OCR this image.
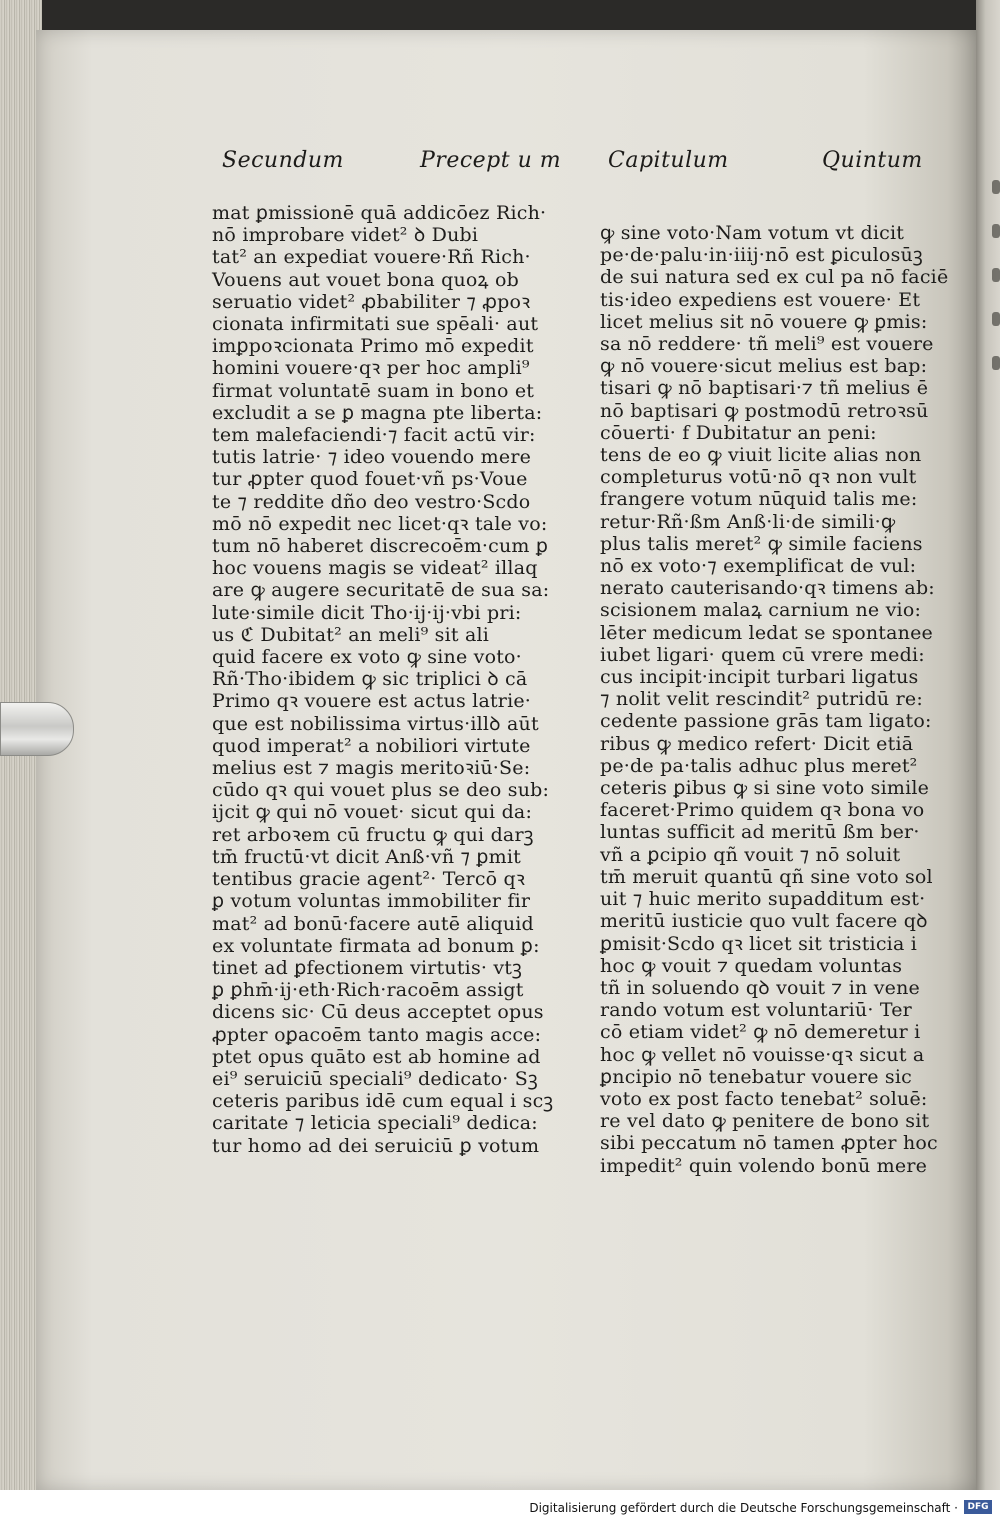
Secundum	Precept u m Capitulum	Quintum
mat ꝑmissionē quā addicōez Rich·
nō improbare videt² ꝺ Dubi
tat² an expediat vouere·Rñ Rich·
Vouens aut vouet bona quoꝝ ob
seruatio videt² ꝓbabiliter ⁊ ꝓpoꝛ
cionata infirmitati sue spēali· aut
imꝑpoꝛcionata Primo mō expedit
homini vouere·qꝛ per hoc ampli⁹
firmat voluntatē suam in bono et
excludit a se ꝑ magna pte liberta:
tem malefaciendi·⁊ facit actū vir:
tutis latrie· ⁊ ideo vouendo mere
tur ꝓpter quod fouet·vñ ps·Voue
te ⁊ reddite dño deo vestro·Scdo
mō nō expedit nec licet·qꝛ tale vo:
tum nō haberet discrecoēm·cum ꝑ
hoc vouens magis se videat² illaq
are ꝙ augere securitatē de sua sa:
lute·simile dicit Tho·ij·ij·vbi pri:
us ℭ Dubitat² an meli⁹ sit ali
quid facere ex voto ꝙ sine voto·
Rñ·Tho·ibidem ꝙ sic triplici ꝺ cā
Primo qꝛ vouere est actus latrie·
que est nobilissima virtus·illꝺ aūt
quod imperat² a nobiliori virtute
melius est ⁊ magis meritoꝛiū·Se:
cūdo qꝛ qui vouet plus se deo sub:
ijcit ꝙ qui nō vouet· sicut qui da:
ret arboꝛem cū fructu ꝙ qui darꝫ
tm̄ fructū·vt dicit Anß·vñ ⁊ ꝑmit
tentibus gracie agent²· Tercō qꝛ
ꝑ votum voluntas immobiliter fir
mat² ad bonū·facere autē aliquid
ex voluntate firmata ad bonum ꝑ:
tinet ad ꝑfectionem virtutis· vtꝫ
ꝑ ꝑhm̄·ij·eth·Rich·racoēm assigt
dicens sic· Cū deus acceptet opus
ꝓpter oꝑacoēm tanto magis acce:
ptet opus quāto est ab homine ad
ei⁹ seruiciū speciali⁹ dedicato· Sꝫ
ceteris paribus idē cum equal i scꝫ
caritate ⁊ leticia speciali⁹ dedica:
tur homo ad dei seruiciū ꝑ votum
ꝙ sine voto·Nam votum vt dicit
pe·de·palu·in·iiij·nō est ꝑiculosūꝫ
de sui natura sed ex cul pa nō faciē
tis·ideo expediens est vouere· Et
licet melius sit nō vouere ꝙ ꝑmis:
sa nō reddere· tñ meli⁹ est vouere
ꝙ nō vouere·sicut melius est bap:
tisari ꝙ nō baptisari·⁊ tñ melius ē
nō baptisari ꝙ postmodū retroꝛsū
cōuerti· f Dubitatur an peni:
tens de eo ꝙ viuit licite alias non
completurus votū·nō qꝛ non vult
frangere votum nūquid talis me:
retur·Rñ·ßm Anß·li·de simili·ꝙ
plus talis meret² ꝙ simile faciens
nō ex voto·⁊ exemplificat de vul:
nerato cauterisando·qꝛ timens ab:
scisionem malaꝝ carnium ne vio:
lēter medicum ledat se spontanee
iubet ligari· quem cū vrere medi:
cus incipit·incipit turbari ligatus
⁊ nolit velit rescindit² putridū re:
cedente passione grās tam ligato:
ribus ꝙ medico refert· Dicit etiā
pe·de pa·talis adhuc plus meret²
ceteris ꝑibus ꝙ si sine voto simile
faceret·Primo quidem qꝛ bona vo
luntas sufficit ad meritū ßm ber·
vñ a ꝑcipio qñ vouit ⁊ nō soluit
tm̄ meruit quantū qñ sine voto sol
uit ⁊ huic merito supadditum est·
meritū iusticie quo vult facere qꝺ
ꝑmisit·Scdo qꝛ licet sit tristicia i
hoc ꝙ vouit ⁊ quedam voluntas
tñ in soluendo qꝺ vouit ⁊ in vene
rando votum est voluntariū· Ter
cō etiam videt² ꝙ nō demeretur i
hoc ꝙ vellet nō vouisse·qꝛ sicut a
ꝑncipio nō tenebatur vouere sic
voto ex post facto tenebat² soluē:
re vel dato ꝙ penitere de bono sit
sibi peccatum nō tamen ꝓpter hoc
impedit² quin volendo bonū mere
Digitalisierung gefördert durch die Deutsche Forschungsgemeinschaft ·	DFG
